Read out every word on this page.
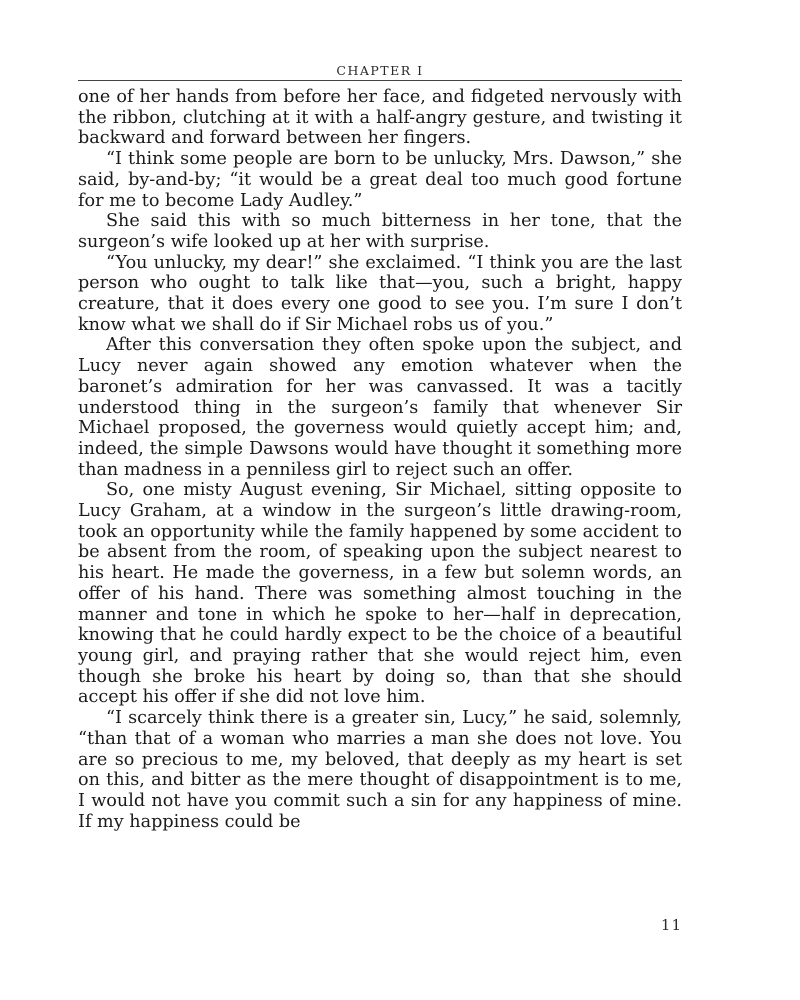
CHAPTER I

one of her hands from before her face, and fidgeted nervously with the ribbon, clutching at it with a half-angry gesture, and twisting it backward and forward between her fingers.

“I think some people are born to be unlucky, Mrs. Dawson,” she said, by-and-by; “it would be a great deal too much good fortune for me to become Lady Audley.”

She said this with so much bitterness in her tone, that the surgeon’s wife looked up at her with surprise.

“You unlucky, my dear!” she exclaimed. “I think you are the last person who ought to talk like that—you, such a bright, happy creature, that it does every one good to see you. I’m sure I don’t know what we shall do if Sir Michael robs us of you.”

After this conversation they often spoke upon the subject, and Lucy never again showed any emotion whatever when the baronet’s admiration for her was canvassed. It was a tacitly understood thing in the surgeon’s family that whenever Sir Michael proposed, the governess would quietly accept him; and, indeed, the simple Dawsons would have thought it something more than madness in a penniless girl to reject such an offer.

So, one misty August evening, Sir Michael, sitting opposite to Lucy Graham, at a window in the surgeon’s little drawing-room, took an opportunity while the family happened by some accident to be absent from the room, of speaking upon the subject nearest to his heart. He made the governess, in a few but solemn words, an offer of his hand. There was something almost touching in the manner and tone in which he spoke to her—half in deprecation, knowing that he could hardly expect to be the choice of a beautiful young girl, and praying rather that she would reject him, even though she broke his heart by doing so, than that she should accept his offer if she did not love him.

“I scarcely think there is a greater sin, Lucy,” he said, solemnly, “than that of a woman who marries a man she does not love. You are so precious to me, my beloved, that deeply as my heart is set on this, and bitter as the mere thought of disappointment is to me, I would not have you commit such a sin for any happiness of mine. If my happiness could be

11
